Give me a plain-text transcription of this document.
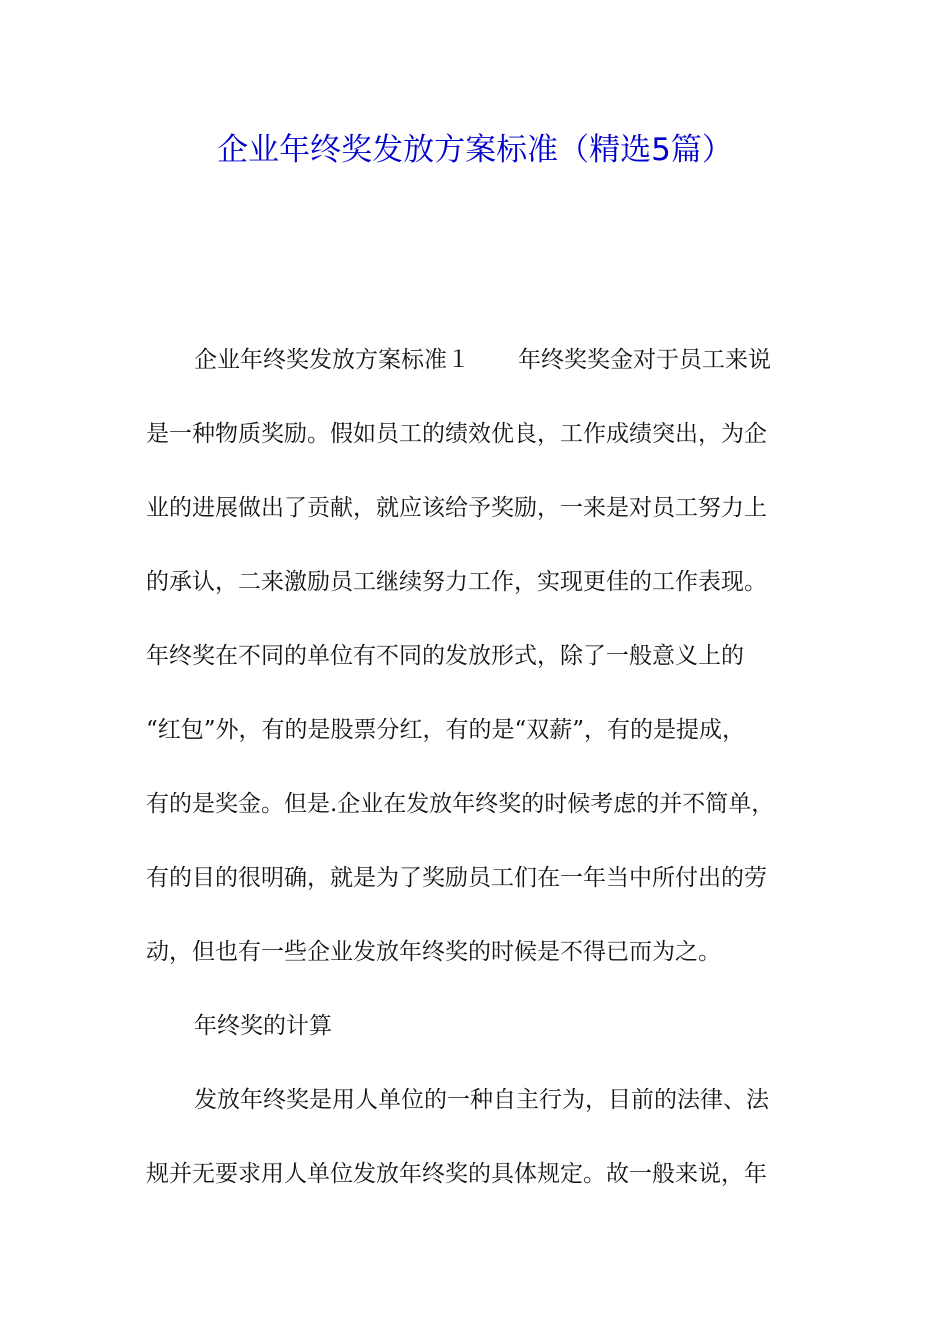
企业年终奖发放方案标准（精选5篇）
企业年终奖发放方案标准１ 年终奖奖金对于员工来说
是一种物质奖励。假如员工的绩效优良，工作成绩突出，为企
业的进展做出了贡献，就应该给予奖励，一来是对员工努力上
的承认，二来激励员工继续努力工作，实现更佳的工作表现。
年终奖在不同的单位有不同的发放形式，除了一般意义上的
“红包”外，有的是股票分红，有的是“双薪”，有的是提成，
有的是奖金。但是.企业在发放年终奖的时候考虑的并不简单，
有的目的很明确，就是为了奖励员工们在一年当中所付出的劳
动，但也有一些企业发放年终奖的时候是不得已而为之。
年终奖的计算
发放年终奖是用人单位的一种自主行为，目前的法律、法
规并无要求用人单位发放年终奖的具体规定。故一般来说，年
